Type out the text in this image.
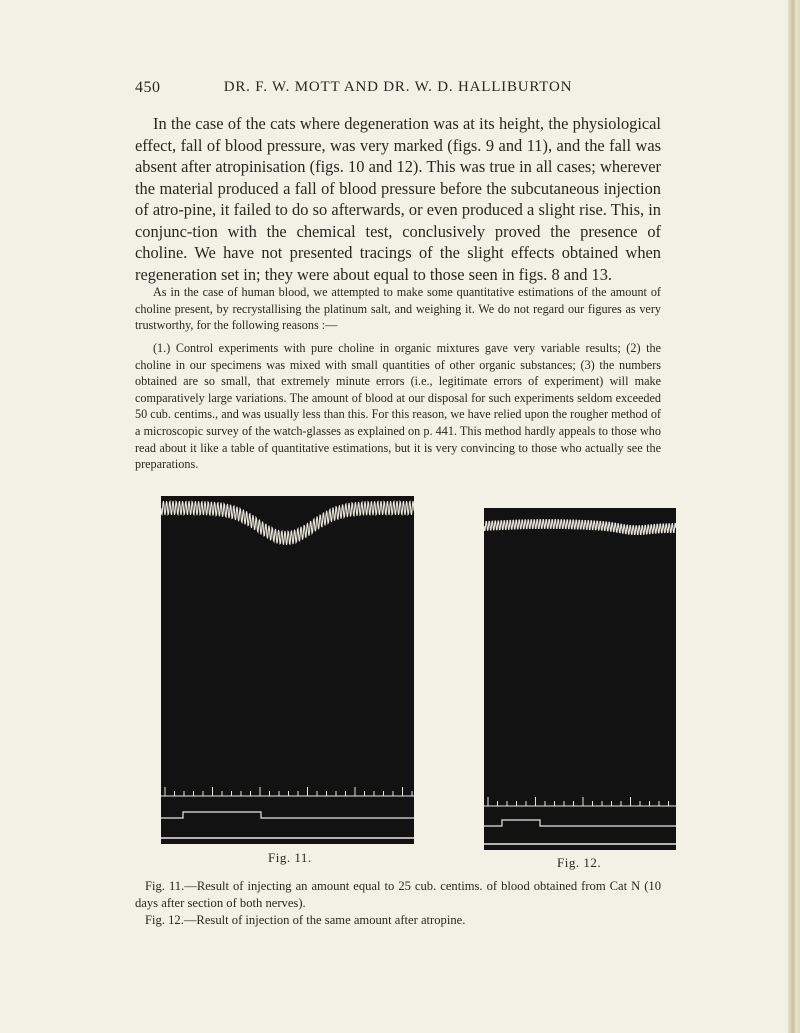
450	DR. F. W. MOTT AND DR. W. D. HALLIBURTON

In the case of the cats where degeneration was at its height, the physiological effect, fall of blood pressure, was very marked (figs. 9 and 11), and the fall was absent after atropinisation (figs. 10 and 12). This was true in all cases; wherever the material produced a fall of blood pressure before the subcutaneous injection of atro-pine, it failed to do so afterwards, or even produced a slight rise. This, in conjunc-tion with the chemical test, conclusively proved the presence of choline. We have not presented tracings of the slight effects obtained when regeneration set in; they were about equal to those seen in figs. 8 and 13.

As in the case of human blood, we attempted to make some quantitative estimations of the amount of choline present, by recrystallising the platinum salt, and weighing it. We do not regard our figures as very trustworthy, for the following reasons :—

(1.) Control experiments with pure choline in organic mixtures gave very variable results; (2) the choline in our specimens was mixed with small quantities of other organic substances; (3) the numbers obtained are so small, that extremely minute errors (i.e., legitimate errors of experiment) will make comparatively large variations. The amount of blood at our disposal for such experiments seldom exceeded 50 cub. centims., and was usually less than this. For this reason, we have relied upon the rougher method of a microscopic survey of the watch-glasses as explained on p. 441. This method hardly appeals to those who read about it like a table of quantitative estimations, but it is very convincing to those who actually see the preparations.

Fig. 11.	Fig. 12.

Fig. 11.—Result of injecting an amount equal to 25 cub. centims. of blood obtained from Cat N (10 days after section of both nerves).

Fig. 12.—Result of injection of the same amount after atropine.
